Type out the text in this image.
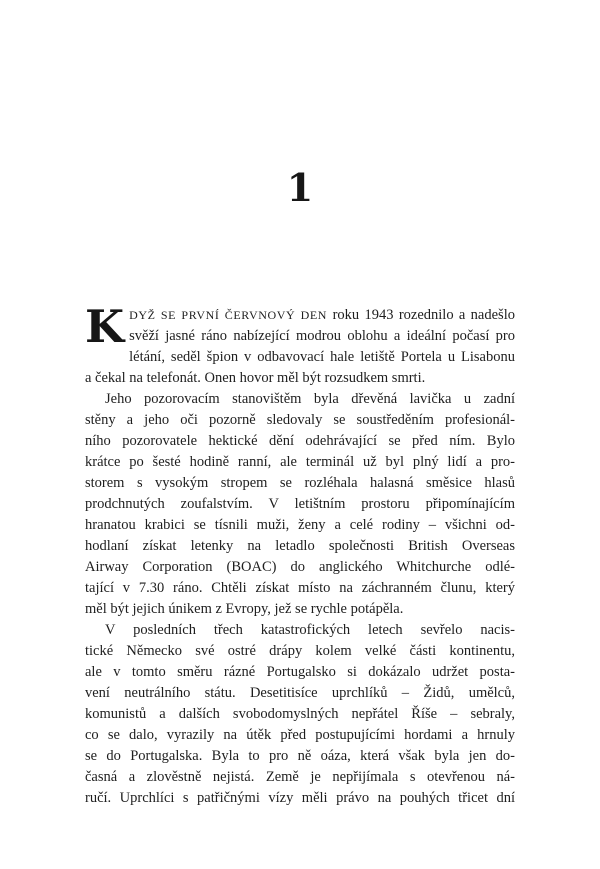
1
K DYŽ SE PRVNÍ ČERVNOVÝ DEN roku 1943 rozednilo a nadešlo
svěží jasné ráno nabízející modrou oblohu a ideální počasí pro
létání, seděl špion v odbavovací hale letiště Portela u Lisabonu
a čekal na telefonát. Onen hovor měl být rozsudkem smrti.
Jeho pozorovacím stanovištěm byla dřevěná lavička u zadní
stěny a jeho oči pozorně sledovaly se soustředěním profesionál-
ního pozorovatele hektické dění odehrávající se před ním. Bylo
krátce po šesté hodině ranní, ale terminál už byl plný lidí a pro-
storem s vysokým stropem se rozléhala halasná směsice hlasů
prodchnutých zoufalstvím. V letištním prostoru připomínajícím
hranatou krabici se tísnili muži, ženy a celé rodiny – všichni od-
hodlaní získat letenky na letadlo společnosti British Overseas
Airway Corporation (BOAC) do anglického Whitchurche odlé-
tající v 7.30 ráno. Chtěli získat místo na záchranném člunu, který
měl být jejich únikem z Evropy, jež se rychle potápěla.
V posledních třech katastrofických letech sevřelo nacis-
tické Německo své ostré drápy kolem velké části kontinentu,
ale v tomto směru rázné Portugalsko si dokázalo udržet posta-
vení neutrálního státu. Desetitisíce uprchlíků – Židů, umělců,
komunistů a dalších svobodomyslných nepřátel Říše – sebraly,
co se dalo, vyrazily na útěk před postupujícími hordami a hrnuly
se do Portugalska. Byla to pro ně oáza, která však byla jen do-
časná a zlověstně nejistá. Země je nepřijímala s otevřenou ná-
ručí. Uprchlíci s patřičnými vízy měli právo na pouhých třicet dní
